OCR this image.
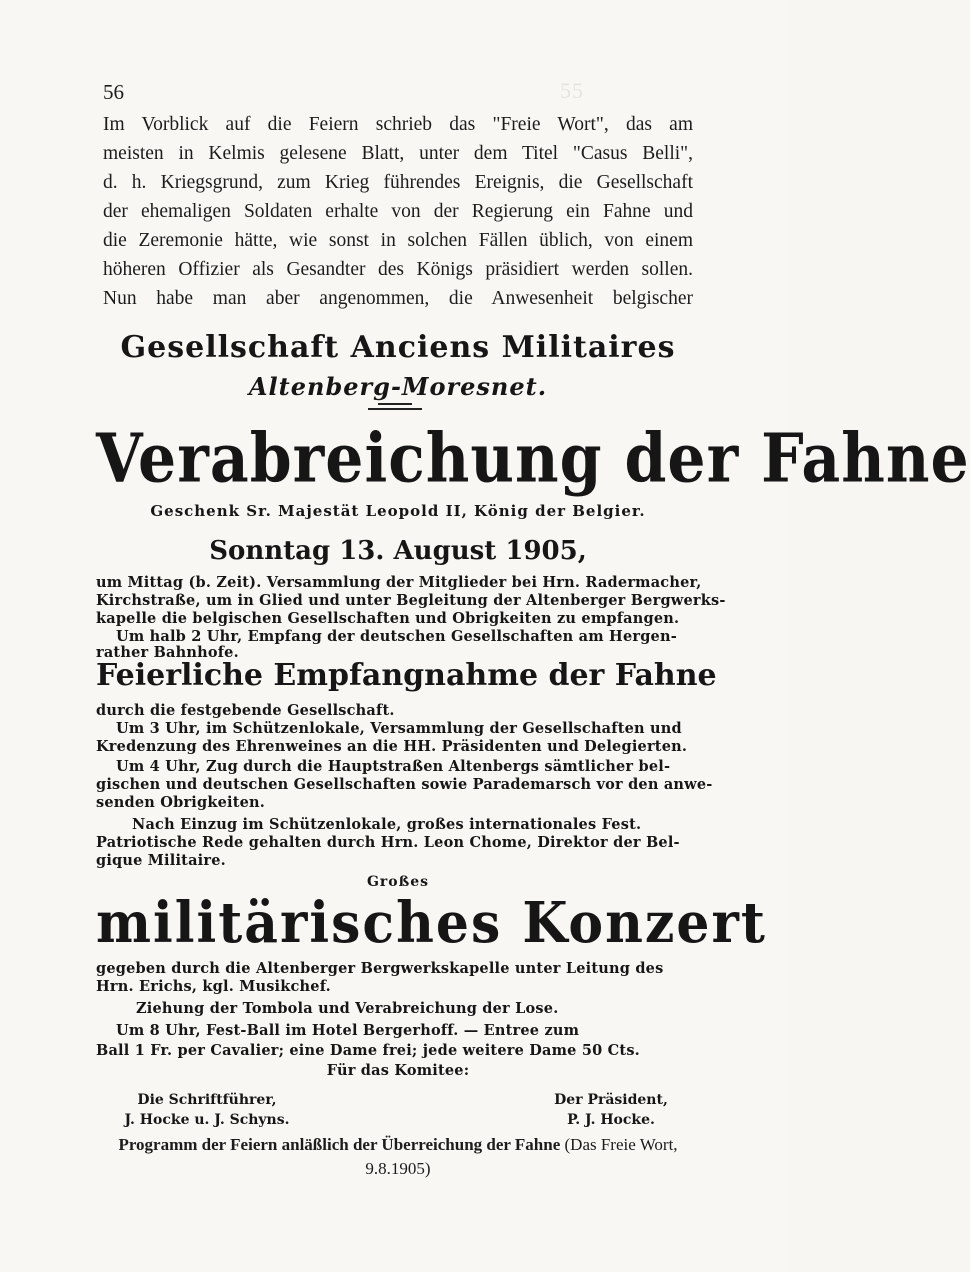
55
56
Im Vorblick auf die Feiern schrieb das "Freie Wort", das am
meisten in Kelmis gelesene Blatt, unter dem Titel "Casus Belli",
d. h. Kriegsgrund, zum Krieg führendes Ereignis, die Gesellschaft
der ehemaligen Soldaten erhalte von der Regierung ein Fahne und
die Zeremonie hätte, wie sonst in solchen Fällen üblich, von einem
höheren Offizier als Gesandter des Königs präsidiert werden sollen.
Nun habe man aber angenommen, die Anwesenheit belgischer
Gesellschaft Anciens Militaires
Altenberg-Moresnet.
Verabreichung der Fahne
Geschenk Sr. Majestät Leopold II, König der Belgier.
Sonntag 13. August 1905,
um Mittag (b. Zeit). Versammlung der Mitglieder bei Hrn. Radermacher,
Kirchstraße, um in Glied und unter Begleitung der Altenberger Bergwerks-
kapelle die belgischen Gesellschaften und Obrigkeiten zu empfangen.
Um halb 2 Uhr, Empfang der deutschen Gesellschaften am Hergen-
rather Bahnhofe.
Feierliche Empfangnahme der Fahne
durch die festgebende Gesellschaft.
Um 3 Uhr, im Schützenlokale, Versammlung der Gesellschaften und
Kredenzung des Ehrenweines an die HH. Präsidenten und Delegierten.
Um 4 Uhr, Zug durch die Hauptstraßen Altenbergs sämtlicher bel-
gischen und deutschen Gesellschaften sowie Parademarsch vor den anwe-
senden Obrigkeiten.
Nach Einzug im Schützenlokale, großes internationales Fest.
Patriotische Rede gehalten durch Hrn. Leon Chome, Direktor der Bel-
gique Militaire.
Großes
militärisches Konzert
gegeben durch die Altenberger Bergwerkskapelle unter Leitung des
Hrn. Erichs, kgl. Musikchef.
Ziehung der Tombola und Verabreichung der Lose.
Um 8 Uhr, Fest-Ball im Hotel Bergerhoff. — Entree zum
Ball 1 Fr. per Cavalier; eine Dame frei; jede weitere Dame 50 Cts.
Für das Komitee:
Die Schriftführer,
J. Hocke u. J. Schyns.
Der Präsident,
P. J. Hocke.
Programm der Feiern anläßlich der Überreichung der Fahne (Das Freie Wort, 9.8.1905)
